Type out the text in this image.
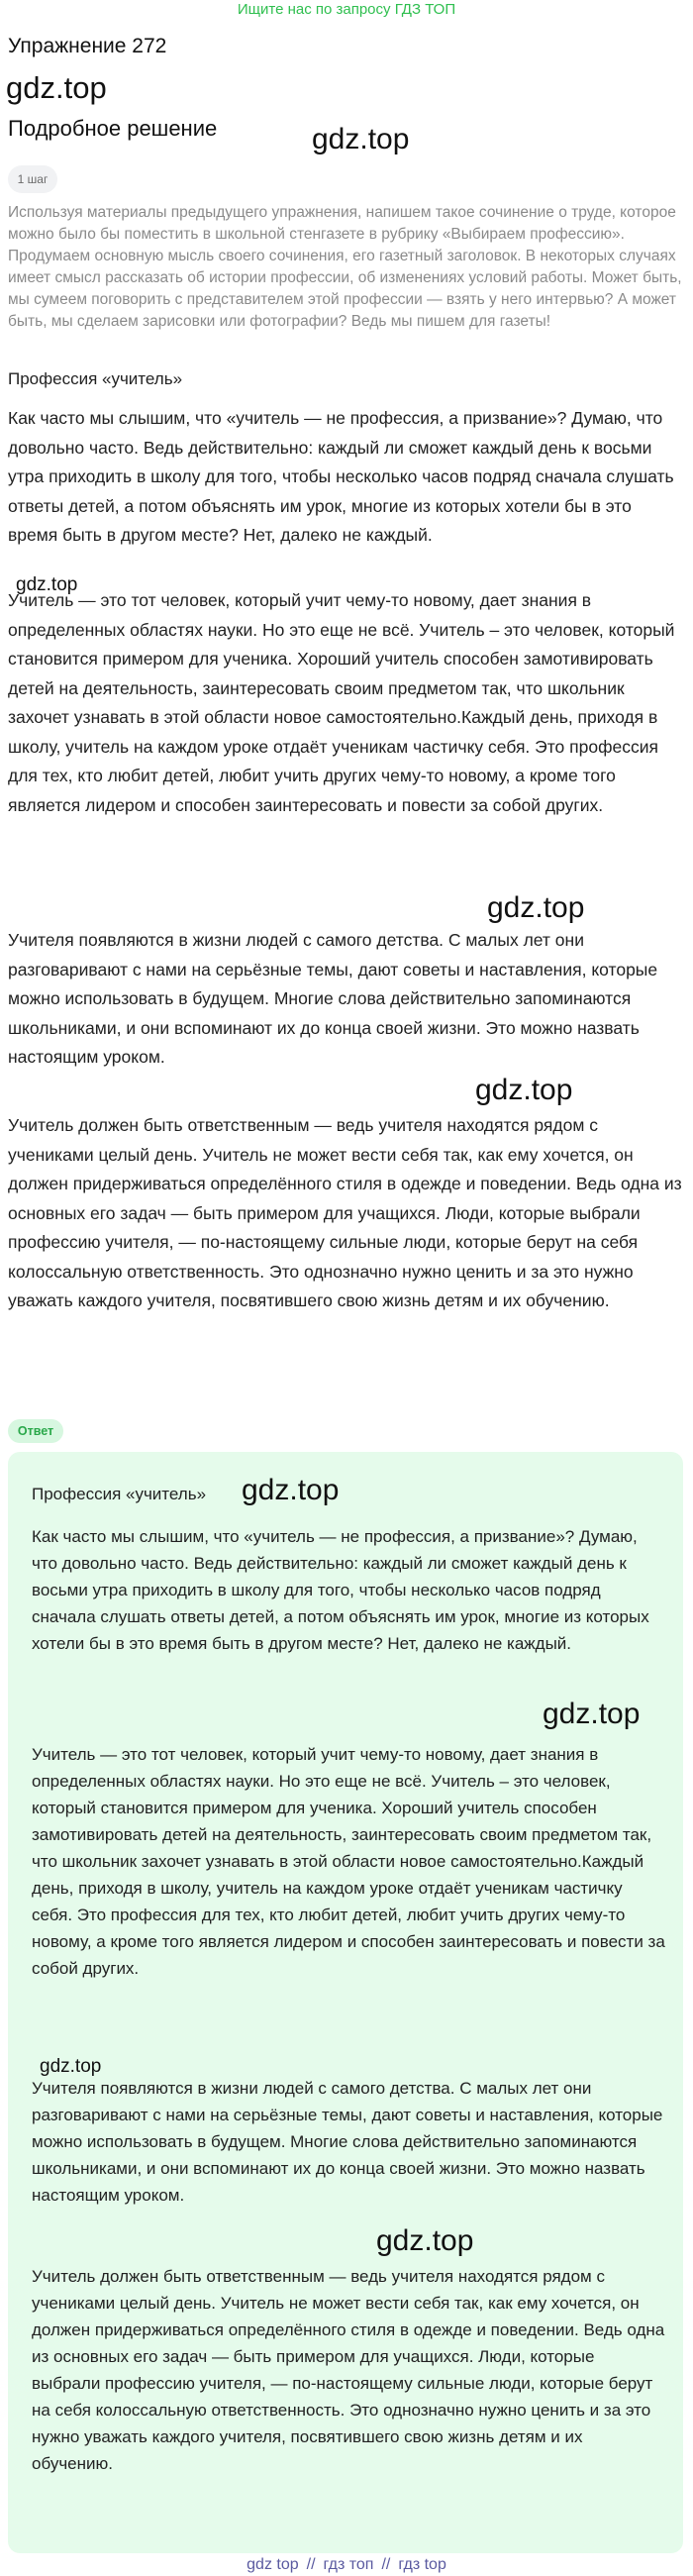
Ищите нас по запросу ГДЗ ТОП
Упражнение 272
gdz.top
Подробное решение	gdz.top
1 шаг
Используя материалы предыдущего упражнения, напишем такое сочинение о труде, которое можно было бы поместить в школьной стенгазете в рубрику «Выбираем профессию». Продумаем основную мысль своего сочинения, его газетный заголовок. В некоторых случаях имеет смысл рассказать об истории профессии, об изменениях условий работы. Может быть, мы сумеем поговорить с представителем этой профессии — взять у него интервью? А может быть, мы сделаем зарисовки или фотографии? Ведь мы пишем для газеты!
Профессия «учитель»
Как часто мы слышим, что «учитель — не профессия, а призвание»? Думаю, что довольно часто. Ведь действительно: каждый ли сможет каждый день к восьми утра приходить в школу для того, чтобы несколько часов подряд сначала слушать ответы детей, а потом объяснять им урок, многие из которых хотели бы в это время быть в другом месте? Нет, далеко не каждый.
gdz.top
Учитель — это тот человек, который учит чему-то новому, дает знания в определенных областях науки. Но это еще не всё. Учитель – это человек, который становится примером для ученика. Хороший учитель способен замотивировать детей на деятельность, заинтересовать своим предметом так, что школьник захочет узнавать в этой области новое самостоятельно.Каждый день, приходя в школу, учитель на каждом уроке отдаёт ученикам частичку себя. Это профессия для тех, кто любит детей, любит учить других чему-то новому, а кроме того является лидером и способен заинтересовать и повести за собой других.
gdz.top
Учителя появляются в жизни людей с самого детства. С малых лет они разговаривают с нами на серьёзные темы, дают советы и наставления, которые можно использовать в будущем. Многие слова действительно запоминаются школьниками, и они вспоминают их до конца своей жизни. Это можно назвать настоящим уроком.
gdz.top
Учитель должен быть ответственным — ведь учителя находятся рядом с учениками целый день. Учитель не может вести себя так, как ему хочется, он должен придерживаться определённого стиля в одежде и поведении. Ведь одна из основных его задач — быть примером для учащихся. Люди, которые выбрали профессию учителя, — по-настоящему сильные люди, которые берут на себя колоссальную ответственность. Это однозначно нужно ценить и за это нужно уважать каждого учителя, посвятившего свою жизнь детям и их обучению.
Ответ
Профессия «учитель» gdz.top
Как часто мы слышим, что «учитель — не профессия, а призвание»? Думаю, что довольно часто. Ведь действительно: каждый ли сможет каждый день к восьми утра приходить в школу для того, чтобы несколько часов подряд сначала слушать ответы детей, а потом объяснять им урок, многие из которых хотели бы в это время быть в другом месте? Нет, далеко не каждый.
gdz.top
Учитель — это тот человек, который учит чему-то новому, дает знания в определенных областях науки. Но это еще не всё. Учитель – это человек, который становится примером для ученика. Хороший учитель способен замотивировать детей на деятельность, заинтересовать своим предметом так, что школьник захочет узнавать в этой области новое самостоятельно.Каждый день, приходя в школу, учитель на каждом уроке отдаёт ученикам частичку себя. Это профессия для тех, кто любит детей, любит учить других чему-то новому, а кроме того является лидером и способен заинтересовать и повести за собой других.
gdz.top
Учителя появляются в жизни людей с самого детства. С малых лет они разговаривают с нами на серьёзные темы, дают советы и наставления, которые можно использовать в будущем. Многие слова действительно запоминаются школьниками, и они вспоминают их до конца своей жизни. Это можно назвать настоящим уроком.
gdz.top
Учитель должен быть ответственным — ведь учителя находятся рядом с учениками целый день. Учитель не может вести себя так, как ему хочется, он должен придерживаться определённого стиля в одежде и поведении. Ведь одна из основных его задач — быть примером для учащихся. Люди, которые выбрали профессию учителя, — по-настоящему сильные люди, которые берут на себя колоссальную ответственность. Это однозначно нужно ценить и за это нужно уважать каждого учителя, посвятившего свою жизнь детям и их обучению.
gdz top // гдз топ // гдз top
